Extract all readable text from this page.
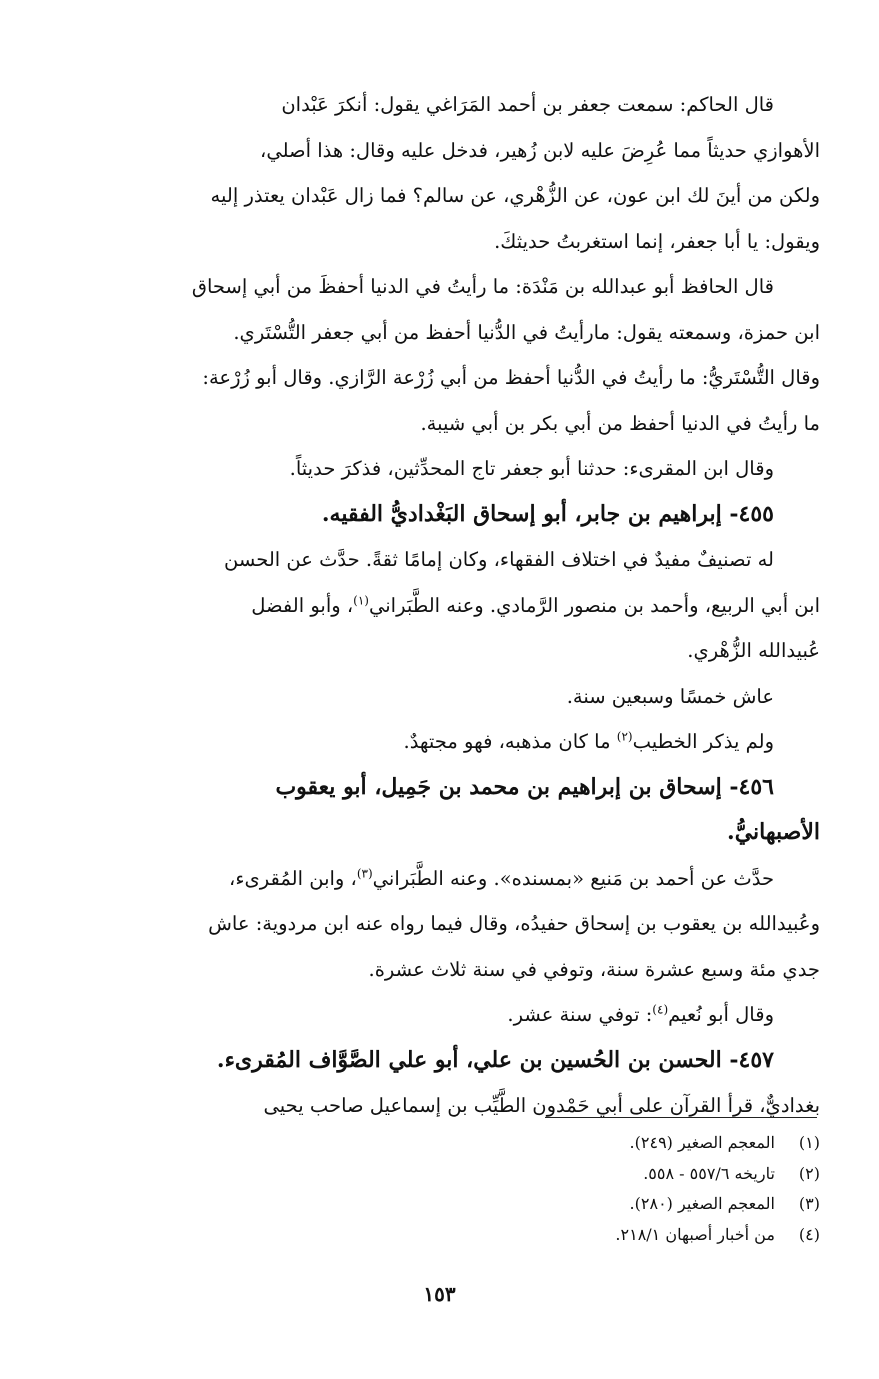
قال الحاكم: سمعت جعفر بن أحمد المَرَاغي يقول: أنكرَ عَبْدان
الأهوازي حديثاً مما عُرِضَ عليه لابن زُهير، فدخل عليه وقال: هذا أصلي،
ولكن من أينَ لك ابن عون، عن الزُّهْري، عن سالم؟ فما زال عَبْدان يعتذر إليه
ويقول: يا أبا جعفر، إنما استغربتُ حديثكَ.
قال الحافظ أبو عبدالله بن مَنْدَة: ما رأيتُ في الدنيا أحفظَ من أبي إسحاق
ابن حمزة، وسمعته يقول: مارأيتُ في الدُّنيا أحفظ من أبي جعفر التُّسْتَري.
وقال التُّسْتَريُّ: ما رأيتُ في الدُّنيا أحفظ من أبي زُرْعة الرَّازي. وقال أبو زُرْعة:
ما رأيتُ في الدنيا أحفظ من أبي بكر بن أبي شيبة.
وقال ابن المقرىء: حدثنا أبو جعفر تاج المحدِّثين، فذكرَ حديثاً.
٤٥٥- إبراهيم بن جابر، أبو إسحاق البَغْداديُّ الفقيه.
له تصنيفٌ مفيدٌ في اختلاف الفقهاء، وكان إمامًا ثقةً. حدَّث عن الحسن
ابن أبي الربيع، وأحمد بن منصور الرَّمادي. وعنه الطَّبَراني$^{(١)}$، وأبو الفضل
عُبيدالله الزُّهْري.
عاش خمسًا وسبعين سنة.
ولم يذكر الخطيب$^{(٢)}$ ما كان مذهبه، فهو مجتهدٌ.
٤٥٦- إسحاق بن إبراهيم بن محمد بن جَمِيل، أبو يعقوب
الأصبهانيُّ.
حدَّث عن أحمد بن مَنيع «بمسنده». وعنه الطَّبَراني$^{(٣)}$، وابن المُقرىء،
وعُبيدالله بن يعقوب بن إسحاق حفيدُه، وقال فيما رواه عنه ابن مردوية: عاش
جدي مئة وسبع عشرة سنة، وتوفي في سنة ثلاث عشرة.
وقال أبو نُعيم$^{(٤)}$: توفي سنة عشر.
٤٥٧- الحسن بن الحُسين بن علي، أبو علي الصَّوَّاف المُقرىء.
بغداديٌّ، قرأ القرآن على أبي حَمْدون الطَّيِّب بن إسماعيل صاحب يحيى
(١) المعجم الصغير (٢٤٩).
(٢) تاريخه ٥٥٧/٦ - ٥٥٨.
(٣) المعجم الصغير (٢٨٠).
(٤) من أخبار أصبهان ٢١٨/١.
١٥٣
